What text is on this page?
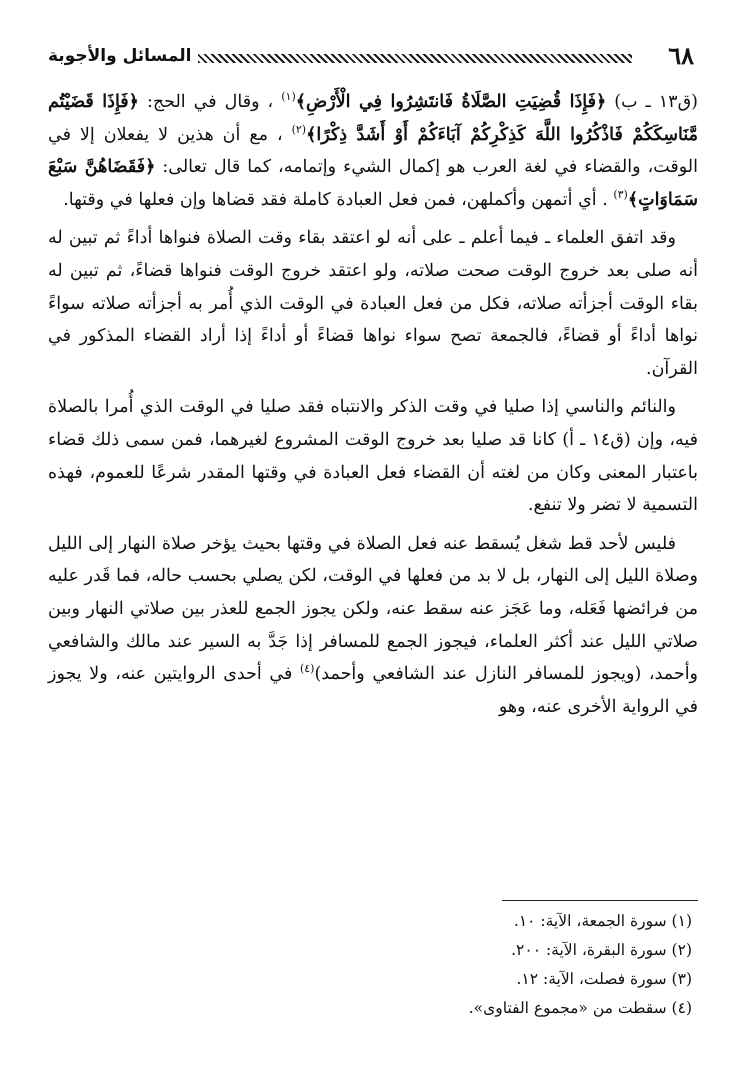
٦٨
المسائل والأجوبة

(ق١٣ ـ ب) ﴿فَإِذَا قُضِيَتِ الصَّلَاةُ فَانتَشِرُوا فِي الْأَرْضِ﴾$^{(١)}$ ، وقال في الحج: ﴿فَإِذَا قَضَيْتُم مَّنَاسِكَكُمْ فَاذْكُرُوا اللَّهَ كَذِكْرِكُمْ آبَاءَكُمْ أَوْ أَشَدَّ ذِكْرًا﴾$^{(٢)}$ ، مع أن هذين لا يفعلان إلا في الوقت، والقضاء في لغة العرب هو إكمال الشيء وإتمامه، كما قال تعالى: ﴿فَقَضَاهُنَّ سَبْعَ سَمَاوَاتٍ﴾$^{(٣)}$ . أي أتمهن وأكملهن، فمن فعل العبادة كاملة فقد قضاها وإن فعلها في وقتها.

وقد اتفق العلماء ـ فيما أعلم ـ على أنه لو اعتقد بقاء وقت الصلاة فنواها أداءً ثم تبين له أنه صلى بعد خروج الوقت صحت صلاته، ولو اعتقد خروج الوقت فنواها قضاءً، ثم تبين له بقاء الوقت أجزأته صلاته، فكل من فعل العبادة في الوقت الذي أُمر به أجزأته صلاته سواءً نواها أداءً أو قضاءً، فالجمعة تصح سواء نواها قضاءً أو أداءً إذا أراد القضاء المذكور في القرآن.

والنائم والناسي إذا صليا في وقت الذكر والانتباه فقد صليا في الوقت الذي أُمرا بالصلاة فيه، وإن (ق١٤ ـ أ) كانا قد صليا بعد خروج الوقت المشروع لغيرهما، فمن سمى ذلك قضاء باعتبار المعنى وكان من لغته أن القضاء فعل العبادة في وقتها المقدر شرعًا للعموم، فهذه التسمية لا تضر ولا تنفع.

فليس لأحد قط شغل يُسقط عنه فعل الصلاة في وقتها بحيث يؤخر صلاة النهار إلى الليل وصلاة الليل إلى النهار، بل لا بد من فعلها في الوقت، لكن يصلي بحسب حاله، فما قَدر عليه من فرائضها فَعَله، وما عَجَز عنه سقط عنه، ولكن يجوز الجمع للعذر بين صلاتي النهار وبين صلاتي الليل عند أكثر العلماء، فيجوز الجمع للمسافر إذا جَدَّ به السير عند مالك والشافعي وأحمد، (ويجوز للمسافر النازل عند الشافعي وأحمد)$^{(٤)}$ في أحدى الروايتين عنه، ولا يجوز في الرواية الأخرى عنه، وهو

(١) سورة الجمعة، الآية: ١٠.
(٢) سورة البقرة، الآية: ٢٠٠.
(٣) سورة فصلت، الآية: ١٢.
(٤) سقطت من «مجموع الفتاوى».
